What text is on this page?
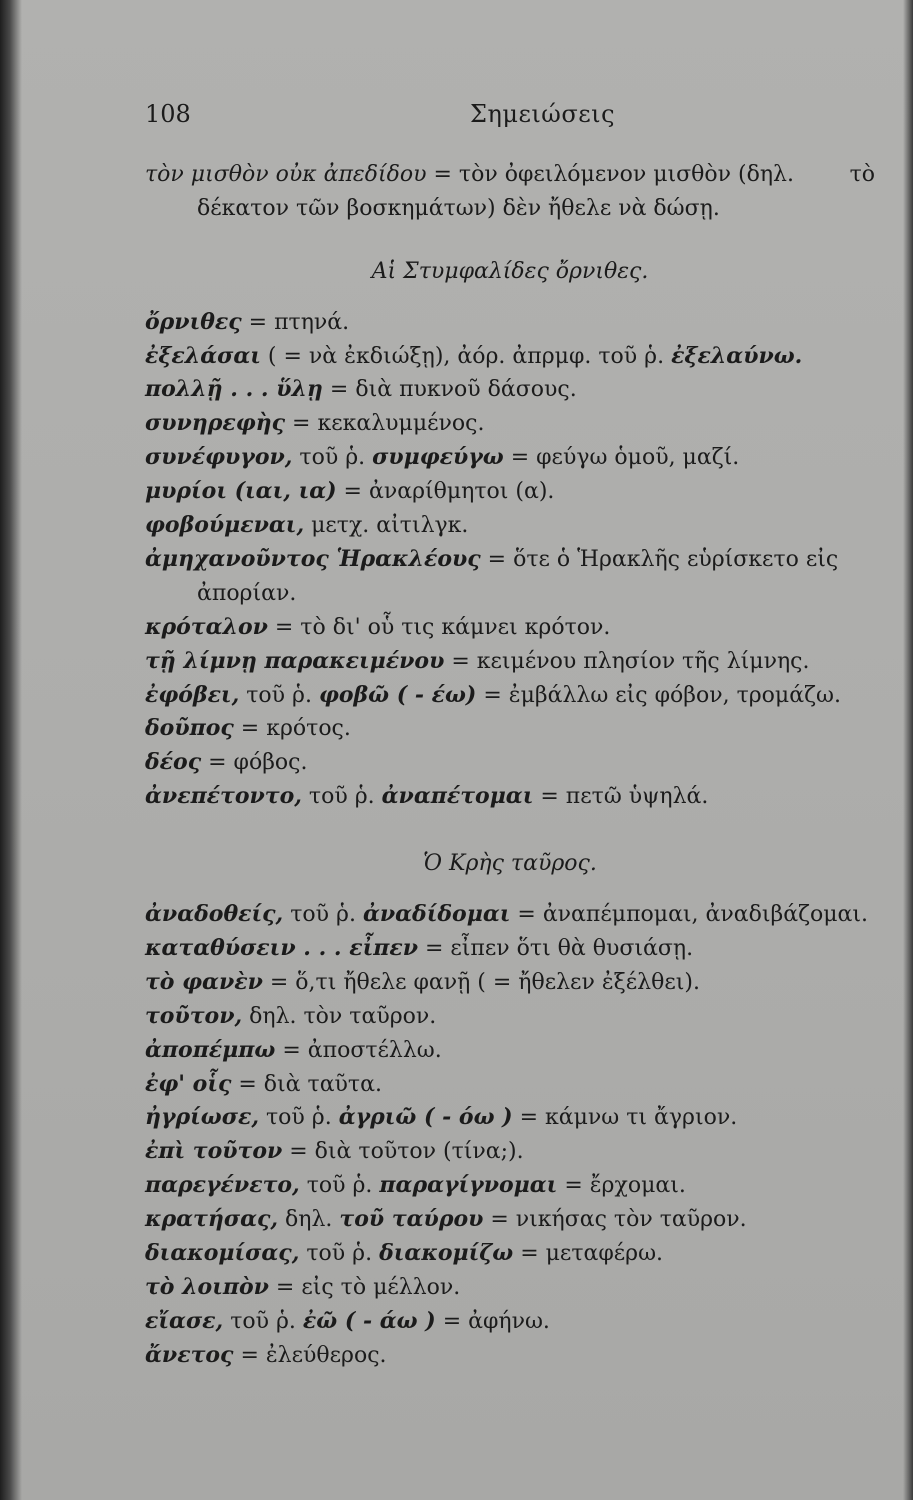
108	Σημειώσεις
τὸν μισθὸν οὐκ ἀπεδίδου = τὸν ὀφειλόμενον μισθὸν (δηλ.	τὸ
δέκατον τῶν βοσκημάτων) δὲν ἤθελε νὰ δώσῃ.
Αἱ Στυμφαλίδες ὄρνιθες.
ὄρνιθες = πτηνά.
ἐξελάσαι ( = νὰ ἐκδιώξῃ), ἀόρ. ἀπρμφ. τοῦ ῥ. ἐξελαύνω.
πολλῇ . . . ὕλῃ = διὰ πυκνοῦ δάσους.
συνηρεφὴς = κεκαλυμμένος.
συνέφυγον, τοῦ ῥ. συμφεύγω = φεύγω ὁμοῦ, μαζί.
μυρίοι (ιαι, ια) = ἀναρίθμητοι (α).
φοβούμεναι, μετχ. αἰτιλγκ.
ἀμηχανοῦντος Ἡρακλέους = ὅτε ὁ Ἡρακλῆς εὑρίσκετο εἰς
ἀπορίαν.
κρόταλον = τὸ δι' οὗ τις κάμνει κρότον.
τῇ λίμνῃ παρακειμένου = κειμένου πλησίον τῆς λίμνης.
ἐφόβει, τοῦ ῥ. φοβῶ ( - έω) = ἐμβάλλω εἰς φόβον, τρομάζω.
δοῦπος = κρότος.
δέος = φόβος.
ἀνεπέτοντο, τοῦ ῥ. ἀναπέτομαι = πετῶ ὑψηλά.
Ὁ Κρὴς ταῦρος.
ἀναδοθείς, τοῦ ῥ. ἀναδίδομαι = ἀναπέμπομαι, ἀναδιβάζομαι.
καταθύσειν . . . εἶπεν = εἶπεν ὅτι θὰ θυσιάσῃ.
τὸ φανὲν = ὅ,τι ἤθελε φανῇ ( = ἤθελεν ἐξέλθει).
τοῦτον, δηλ. τὸν ταῦρον.
ἀποπέμπω = ἀποστέλλω.
ἐφ' οἷς = διὰ ταῦτα.
ἠγρίωσε, τοῦ ῥ. ἀγριῶ ( - όω ) = κάμνω τι ἄγριον.
ἐπὶ τοῦτον = διὰ τοῦτον (τίνα;).
παρεγένετο, τοῦ ῥ. παραγίγνομαι = ἔρχομαι.
κρατήσας, δηλ. τοῦ ταύρου = νικήσας τὸν ταῦρον.
διακομίσας, τοῦ ῥ. διακομίζω = μεταφέρω.
τὸ λοιπὸν = εἰς τὸ μέλλον.
εἴασε, τοῦ ῥ. ἐῶ ( - άω ) = ἀφήνω.
ἄνετος = ἐλεύθερος.
